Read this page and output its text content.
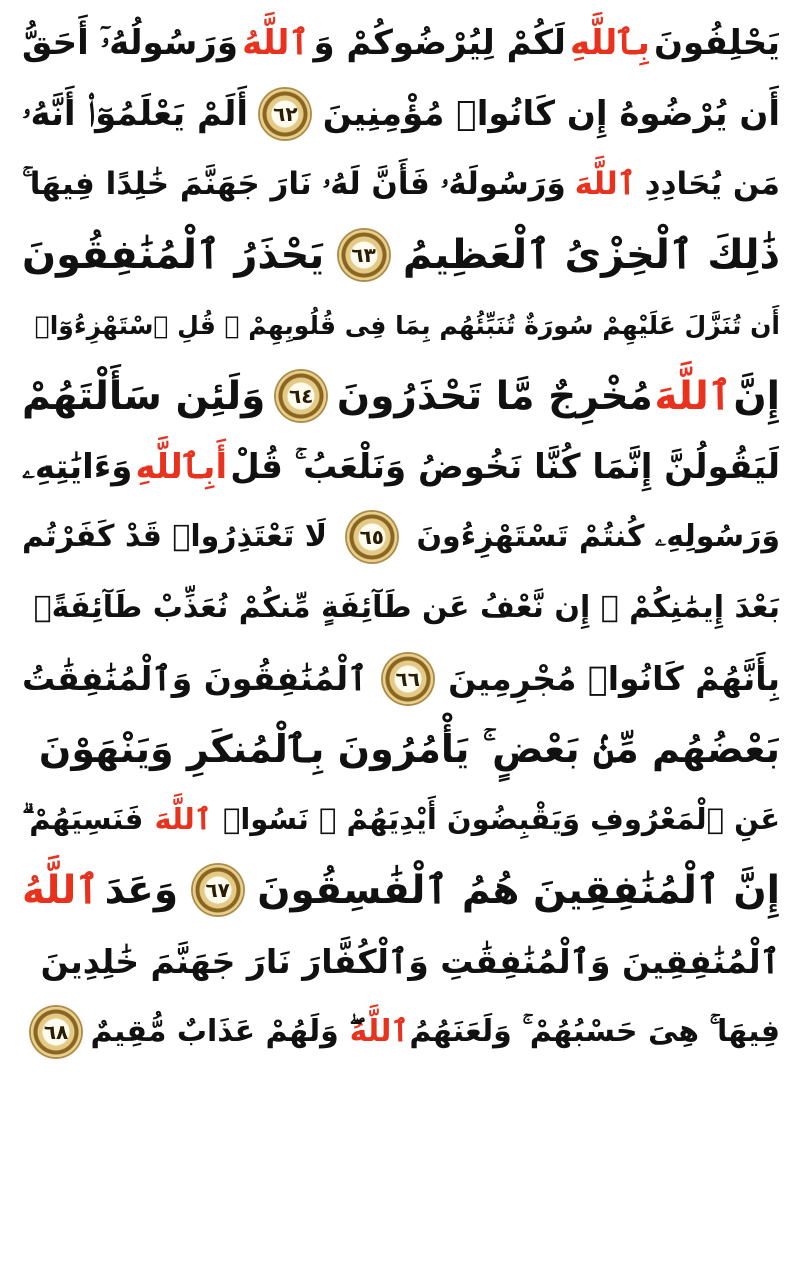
يَحْلِفُونَ
بِٱللَّهِ
لَكُمْ لِيُرْضُوكُمْ وَ
ٱللَّهُ
وَرَسُولُهُۥٓ أَحَقُّ
أَن يُرْضُوهُ إِن كَانُوا۟ مُؤْمِنِينَ
٦٢
أَلَمْ يَعْلَمُوٓا۟ أَنَّهُۥ
مَن يُحَادِدِ
ٱللَّهَ
وَرَسُولَهُۥ فَأَنَّ لَهُۥ نَارَ جَهَنَّمَ خَٰلِدًا فِيهَا ۚ
ذَٰلِكَ ٱلْخِزْىُ ٱلْعَظِيمُ
٦٣
يَحْذَرُ ٱلْمُنَٰفِقُونَ
أَن تُنَزَّلَ عَلَيْهِمْ سُورَةٌ تُنَبِّئُهُم بِمَا فِى قُلُوبِهِمْ ۚ قُلِ ٱسْتَهْزِءُوٓا۟
إِنَّ
ٱللَّهَ
مُخْرِجٌ مَّا تَحْذَرُونَ
٦٤
وَلَئِن سَأَلْتَهُمْ
لَيَقُولُنَّ إِنَّمَا كُنَّا نَخُوضُ وَنَلْعَبُ ۚ قُلْ
أَبِٱللَّهِ
وَءَايَٰتِهِۦ
وَرَسُولِهِۦ كُنتُمْ تَسْتَهْزِءُونَ
٦٥
لَا تَعْتَذِرُوا۟ قَدْ كَفَرْتُم
بَعْدَ إِيمَٰنِكُمْ ۚ إِن نَّعْفُ عَن طَآئِفَةٍ مِّنكُمْ نُعَذِّبْ طَآئِفَةًۢ
بِأَنَّهُمْ كَانُوا۟ مُجْرِمِينَ
٦٦
ٱلْمُنَٰفِقُونَ وَٱلْمُنَٰفِقَٰتُ
بَعْضُهُم مِّنۢ بَعْضٍ ۚ يَأْمُرُونَ بِٱلْمُنكَرِ وَيَنْهَوْنَ
عَنِ ٱلْمَعْرُوفِ وَيَقْبِضُونَ أَيْدِيَهُمْ ۚ نَسُوا۟
ٱللَّهَ
فَنَسِيَهُمْ ۗ
إِنَّ ٱلْمُنَٰفِقِينَ هُمُ ٱلْفَٰسِقُونَ
٦٧
وَعَدَ
ٱللَّهُ
ٱلْمُنَٰفِقِينَ وَٱلْمُنَٰفِقَٰتِ وَٱلْكُفَّارَ نَارَ جَهَنَّمَ خَٰلِدِينَ
فِيهَا ۚ هِىَ حَسْبُهُمْ ۚ وَلَعَنَهُمُ
ٱللَّهُ
ۖ وَلَهُمْ عَذَابٌ مُّقِيمٌ
٦٨
